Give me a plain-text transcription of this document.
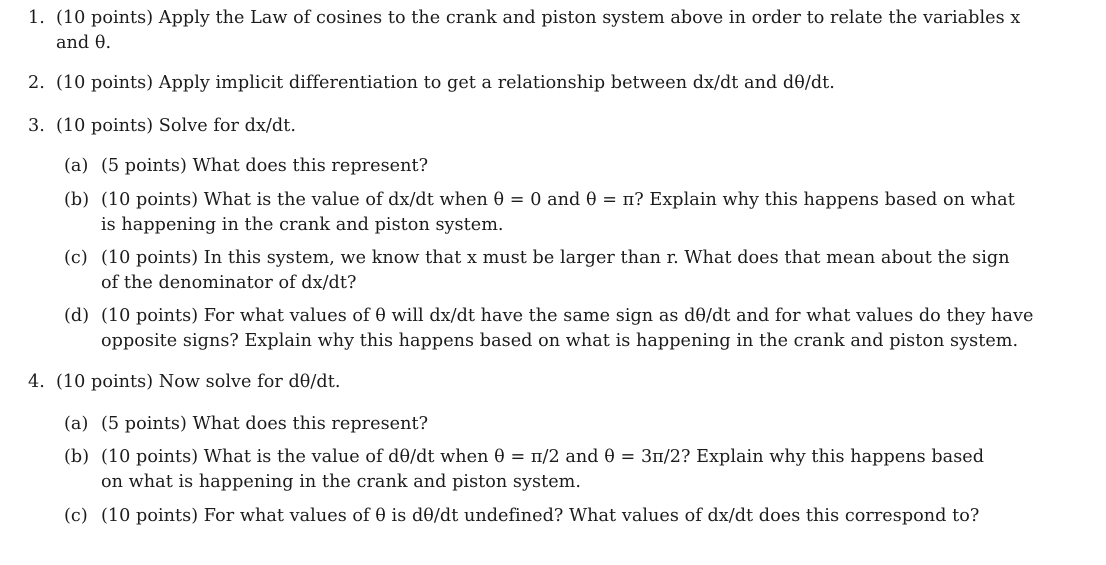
1. (10 points) Apply the Law of cosines to the crank and piston system above in order to relate the variables x
and θ.
2. (10 points) Apply implicit differentiation to get a relationship between dx/dt and dθ/dt.
3. (10 points) Solve for dx/dt.
(a) (5 points) What does this represent?
(b) (10 points) What is the value of dx/dt when θ = 0 and θ = π? Explain why this happens based on what
is happening in the crank and piston system.
(c) (10 points) In this system, we know that x must be larger than r. What does that mean about the sign
of the denominator of dx/dt?
(d) (10 points) For what values of θ will dx/dt have the same sign as dθ/dt and for what values do they have
opposite signs? Explain why this happens based on what is happening in the crank and piston system.
4. (10 points) Now solve for dθ/dt.
(a) (5 points) What does this represent?
(b) (10 points) What is the value of dθ/dt when θ = π/2 and θ = 3π/2? Explain why this happens based
on what is happening in the crank and piston system.
(c) (10 points) For what values of θ is dθ/dt undefined? What values of dx/dt does this correspond to?
